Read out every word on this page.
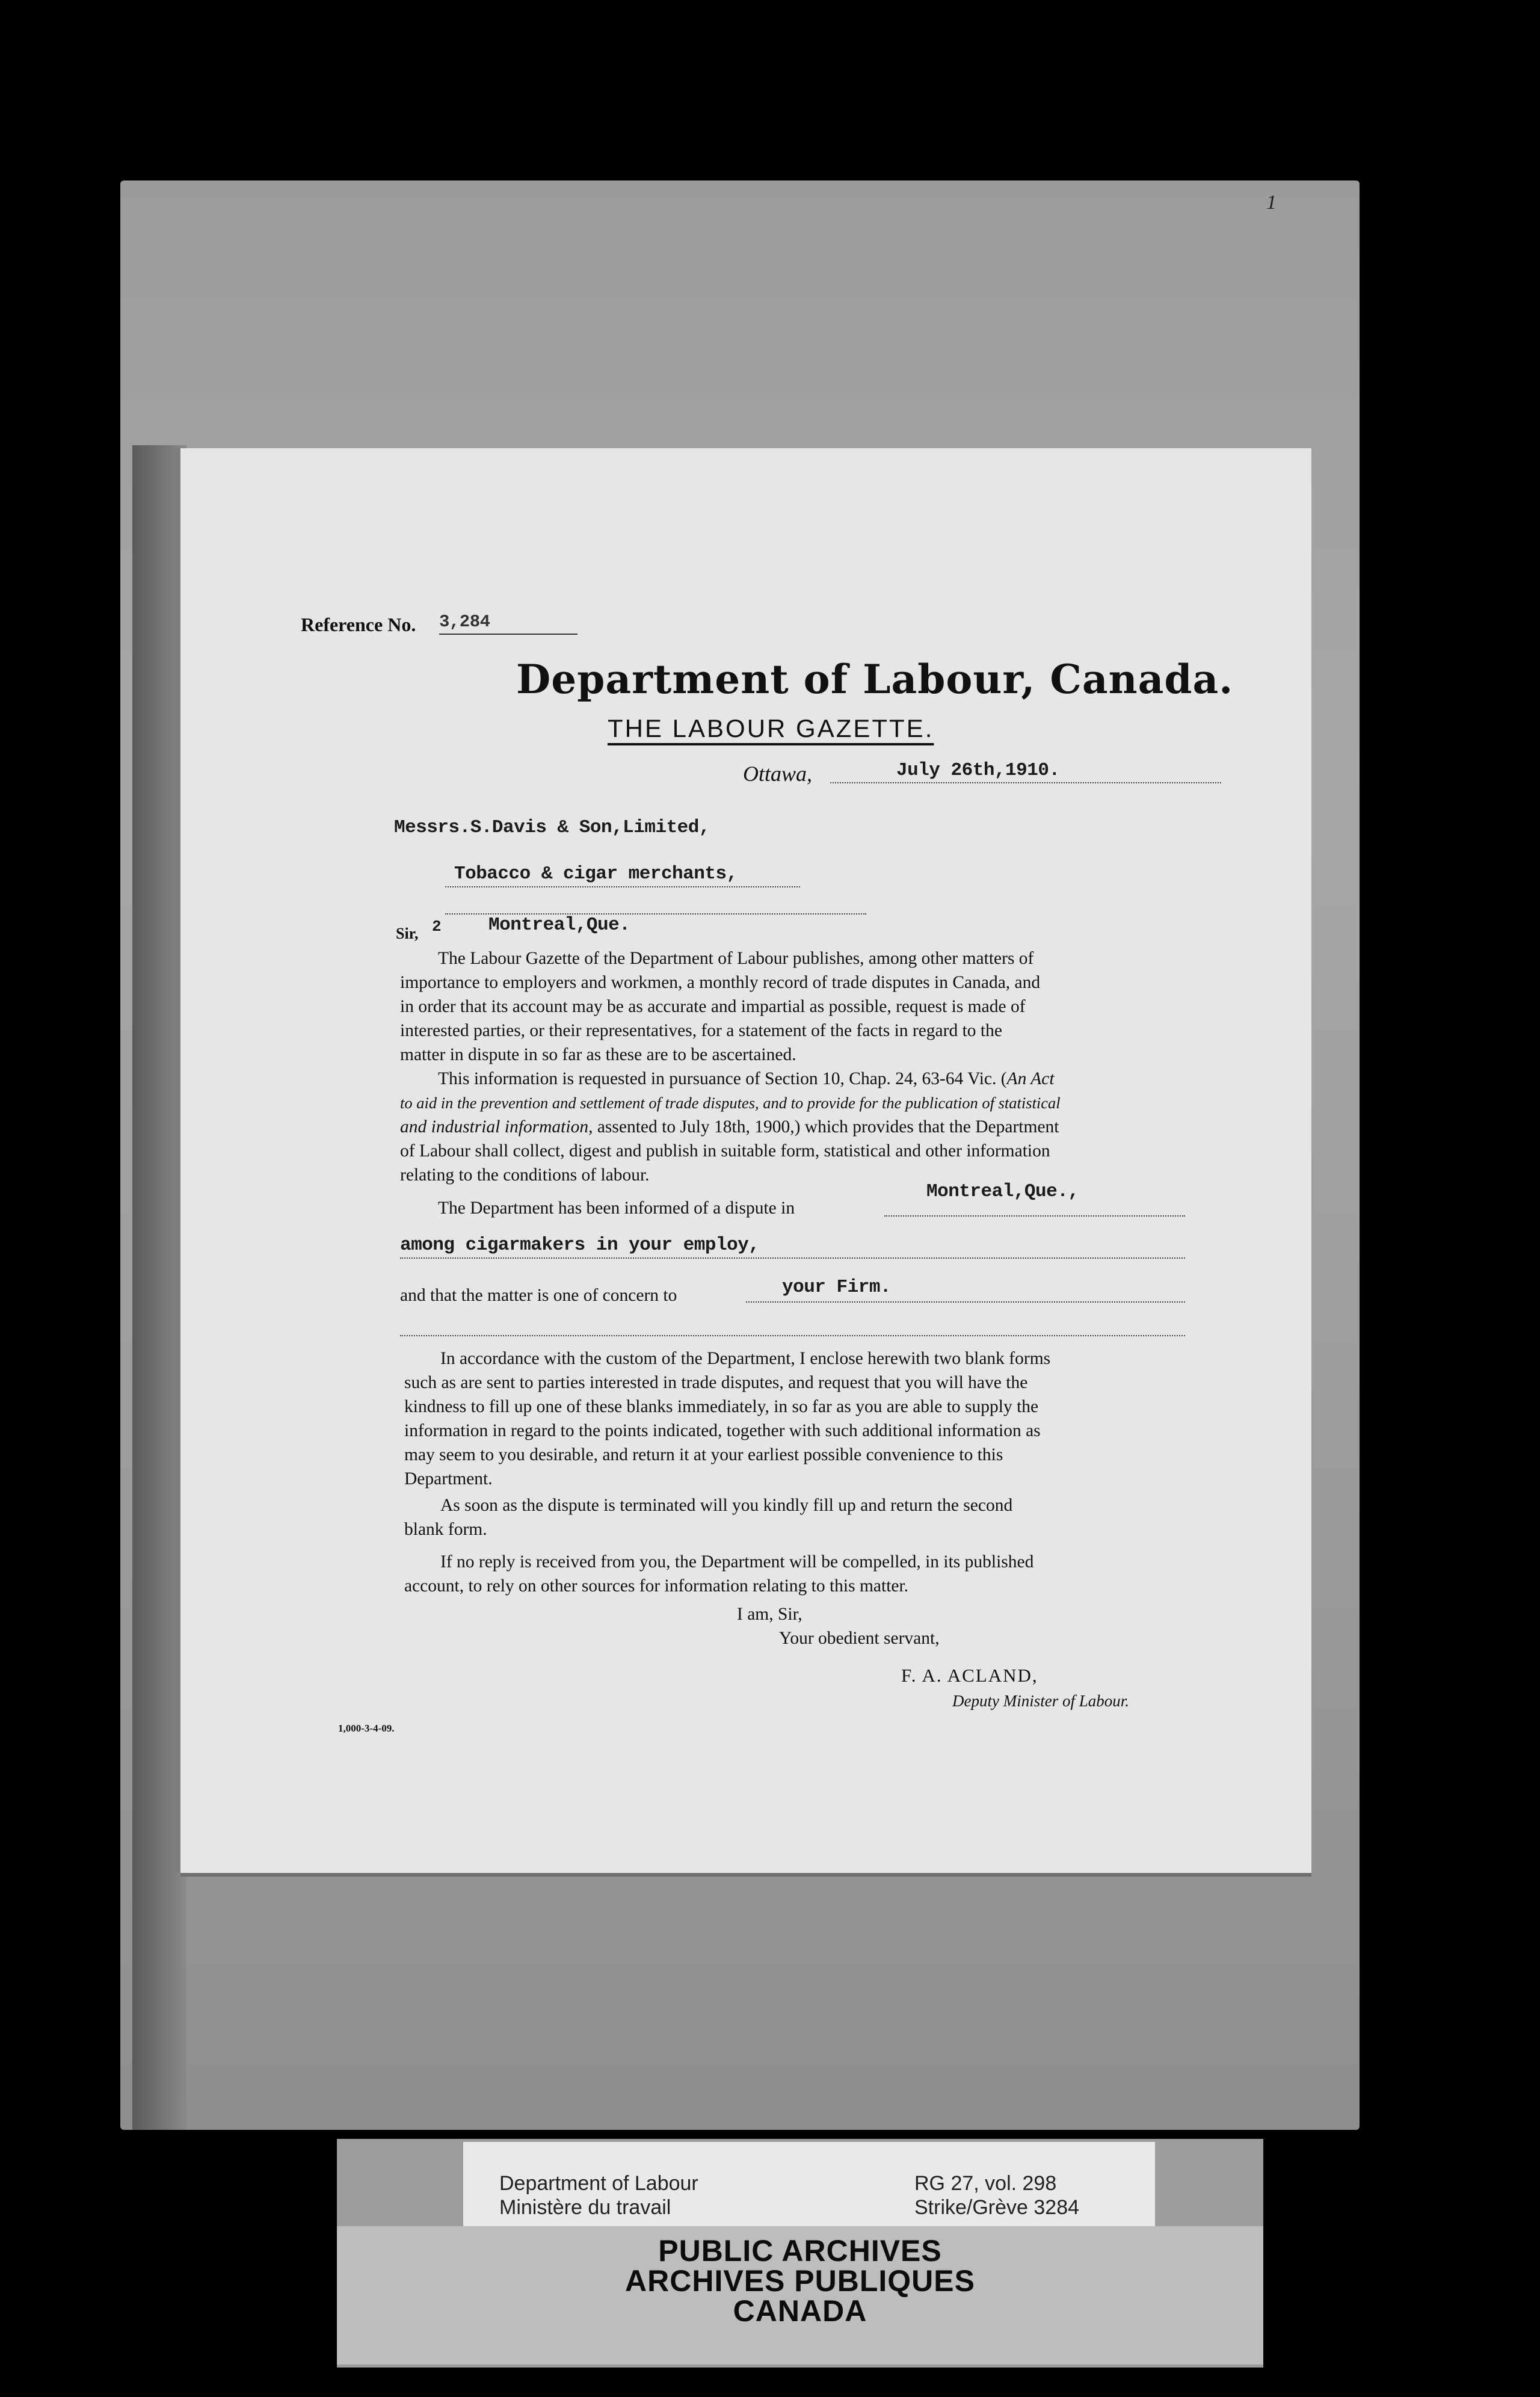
1
Reference No. 3,284
Department of Labour, Canada.
THE LABOUR GAZETTE.
Ottawa,	July 26th,1910.
Messrs.S.Davis & Son,Limited,
Tobacco & cigar merchants,
Sir, 2	Montreal,Que.
The Labour Gazette of the Department of Labour publishes, among other matters of
importance to employers and workmen, a monthly record of trade disputes in Canada, and
in order that its account may be as accurate and impartial as possible, request is made of
interested parties, or their representatives, for a statement of the facts in regard to the
matter in dispute in so far as these are to be ascertained.
This information is requested in pursuance of Section 10, Chap. 24, 63-64 Vic. (An Act
to aid in the prevention and settlement of trade disputes, and to provide for the publication of statistical
and industrial information, assented to July 18th, 1900,) which provides that the Department
of Labour shall collect, digest and publish in suitable form, statistical and other information
relating to the conditions of labour.
The Department has been informed of a dispute in
Montreal,Que.,
among cigarmakers in your employ,
and that the matter is one of concern to	your Firm.
In accordance with the custom of the Department, I enclose herewith two blank forms
such as are sent to parties interested in trade disputes, and request that you will have the
kindness to fill up one of these blanks immediately, in so far as you are able to supply the
information in regard to the points indicated, together with such additional information as
may seem to you desirable, and return it at your earliest possible convenience to this
Department.
As soon as the dispute is terminated will you kindly fill up and return the second
blank form.
If no reply is received from you, the Department will be compelled, in its published
account, to rely on other sources for information relating to this matter.
I am, Sir,
Your obedient servant,
F. A. ACLAND,
Deputy Minister of Labour.
1,000-3-4-09.
Department of Labour
Ministère du travail
RG 27, vol. 298
Strike/Grève 3284
PUBLIC ARCHIVES
ARCHIVES PUBLIQUES
CANADA
